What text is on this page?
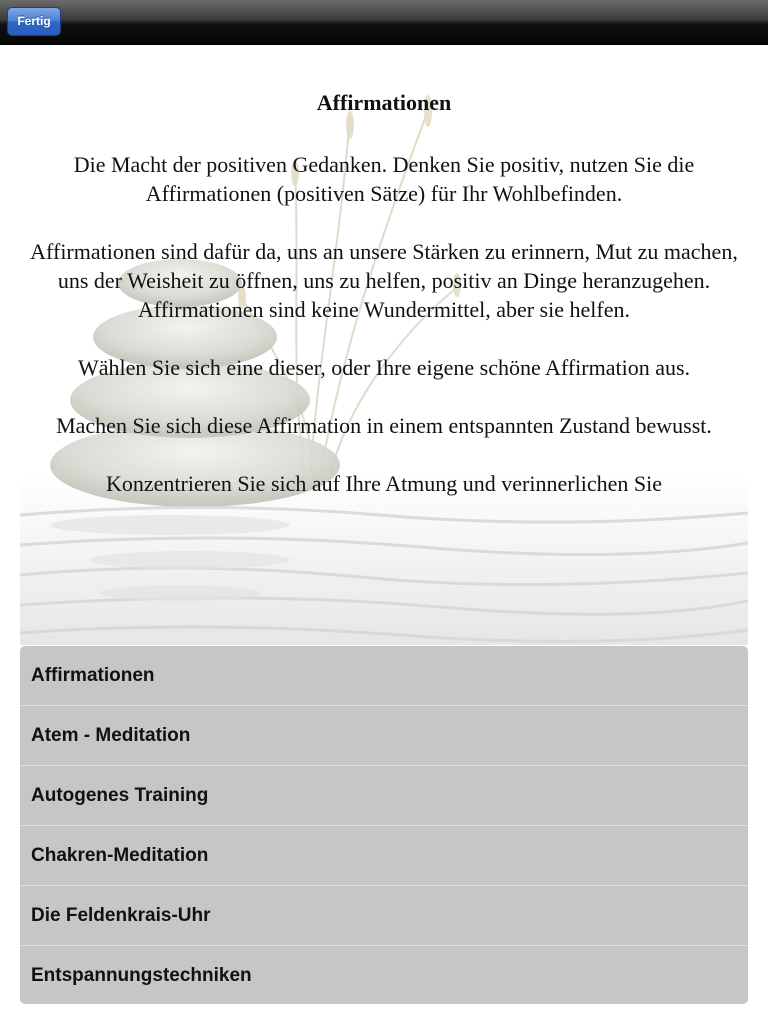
Fertig
Affirmationen

Die Macht der positiven Gedanken. Denken Sie positiv, nutzen Sie die Affirmationen (positiven Sätze) für Ihr Wohlbefinden.

Affirmationen sind dafür da, uns an unsere Stärken zu erinnern, Mut zu machen, uns der Weisheit zu öffnen, uns zu helfen, positiv an Dinge heranzugehen.

Affirmationen sind keine Wundermittel, aber sie helfen.

Wählen Sie sich eine dieser, oder Ihre eigene schöne Affirmation aus.

Machen Sie sich diese Affirmation in einem entspannten Zustand bewusst.

Konzentrieren Sie sich auf Ihre Atmung und verinnerlichen Sie

Affirmationen
Atem - Meditation
Autogenes Training
Chakren-Meditation
Die Feldenkrais-Uhr
Entspannungstechniken
